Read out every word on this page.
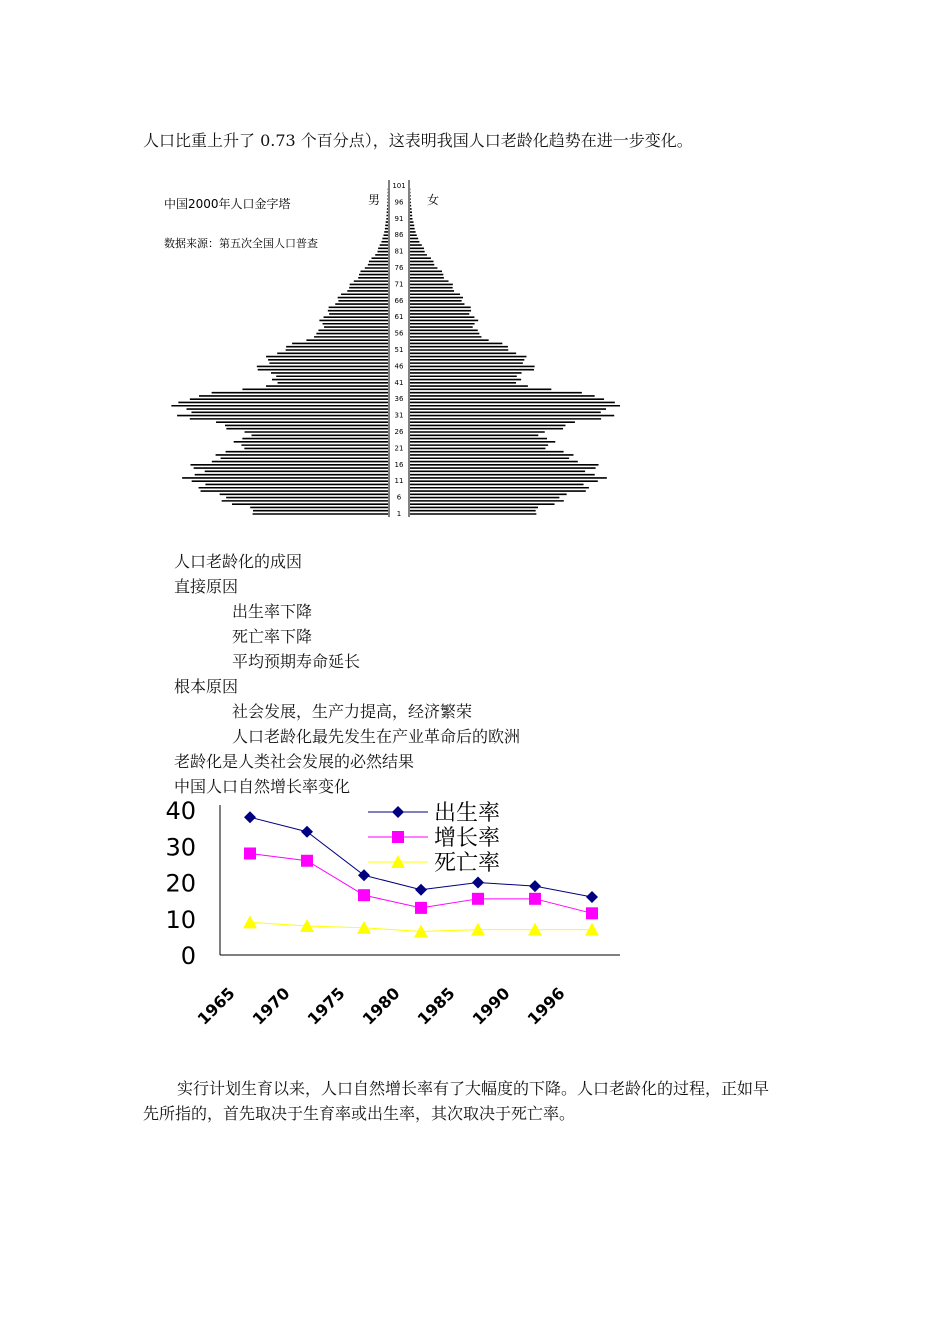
人口比重上升了 0.73 个百分点），这表明我国人口老龄化趋势在进一步变化。
中国2000年人口金字塔
数据来源：第五次全国人口普查
男	女
101
96
91
86
81
76
71
66
61
56
51
46
41
36
31
26
21
16
11
6
1
人口老龄化的成因
直接原因
出生率下降
死亡率下降
平均预期寿命延长
根本原因
社会发展，生产力提高，经济繁荣
人口老龄化最先发生在产业革命后的欧洲
老龄化是人类社会发展的必然结果
中国人口自然增长率变化
40
30
20
10
0
1965 1970 1975 1980 1985 1990 1996
出生率
增长率
死亡率
实行计划生育以来，人口自然增长率有了大幅度的下降。人口老龄化的过程，正如早
先所指的，首先取决于生育率或出生率，其次取决于死亡率。
